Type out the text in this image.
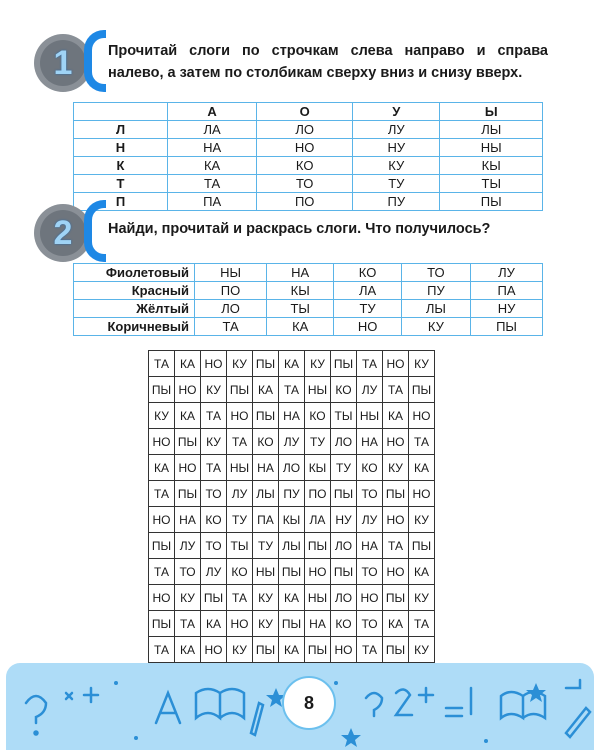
1	Прочитай слоги по строчкам слева направо и справа налево, а затем по столбикам сверху вниз и снизу вверх.
	А	О	У	Ы
Л	ЛА	ЛО	ЛУ	ЛЫ
Н	НА	НО	НУ	НЫ
К	КА	КО	КУ	КЫ
Т	ТА	ТО	ТУ	ТЫ
П	ПА	ПО	ПУ	ПЫ
2	Найди, прочитай и раскрась слоги. Что получилось?
Фиолетовый	НЫ	НА	КО	ТО	ЛУ
Красный	ПО	КЫ	ЛА	ПУ	ПА
Жёлтый	ЛО	ТЫ	ТУ	ЛЫ	НУ
Коричневый	ТА	КА	НО	КУ	ПЫ
ТА	КА	НО	КУ	ПЫ	КА	КУ	ПЫ	ТА	НО	КУ
ПЫ	НО	КУ	ПЫ	КА	ТА	НЫ	КО	ЛУ	ТА	ПЫ
КУ	КА	ТА	НО	ПЫ	НА	КО	ТЫ	НЫ	КА	НО
НО	ПЫ	КУ	ТА	КО	ЛУ	ТУ	ЛО	НА	НО	ТА
КА	НО	ТА	НЫ	НА	ЛО	КЫ	ТУ	КО	КУ	КА
ТА	ПЫ	ТО	ЛУ	ЛЫ	ПУ	ПО	ПЫ	ТО	ПЫ	НО
НО	НА	КО	ТУ	ПА	КЫ	ЛА	НУ	ЛУ	НО	КУ
ПЫ	ЛУ	ТО	ТЫ	ТУ	ЛЫ	ПЫ	ЛО	НА	ТА	ПЫ
ТА	ТО	ЛУ	КО	НЫ	ПЫ	НО	ПЫ	ТО	НО	КА
НО	КУ	ПЫ	ТА	КУ	КА	НЫ	ЛО	НО	ПЫ	КУ
ПЫ	ТА	КА	НО	КУ	ПЫ	НА	КО	ТО	КА	ТА
ТА	КА	НО	КУ	ПЫ	КА	ПЫ	НО	ТА	ПЫ	КУ
8
